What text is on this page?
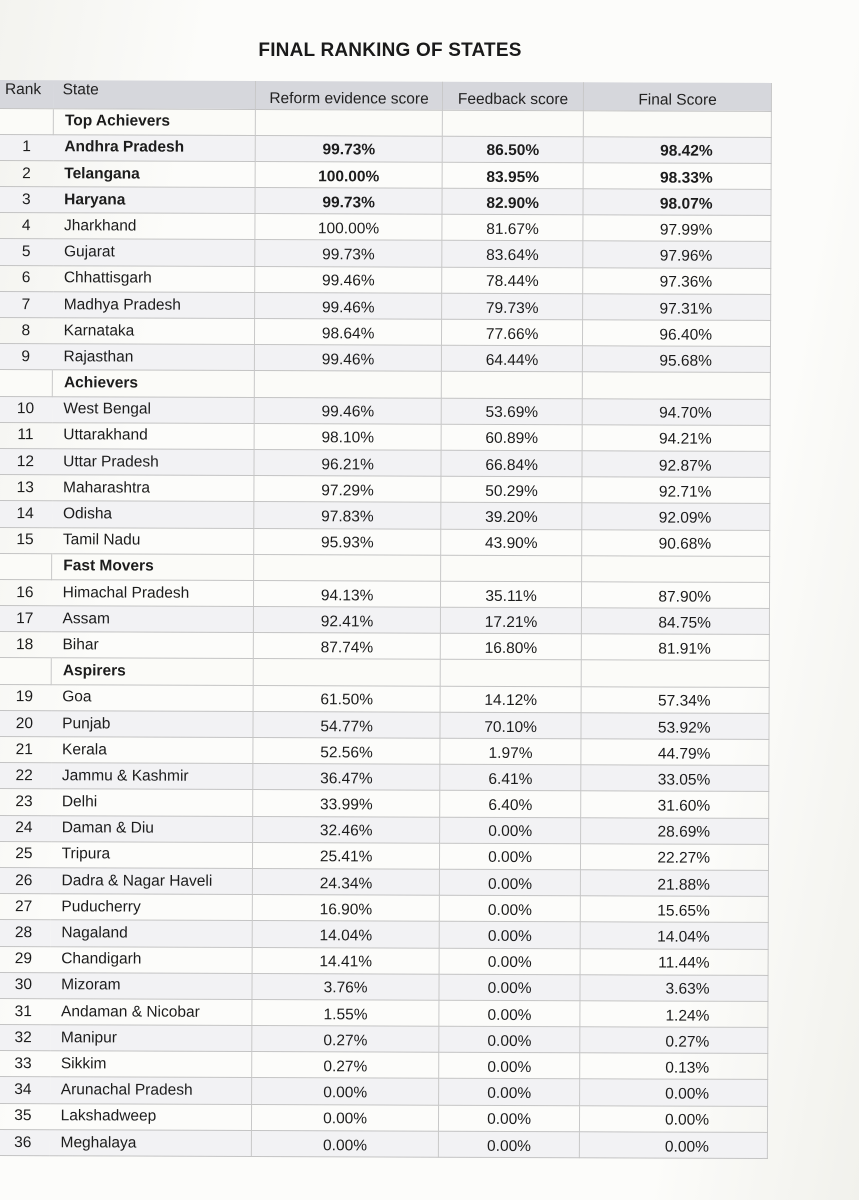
FINAL RANKING OF STATES
Rank	State	Reform evidence score	Feedback score	Final Score
	Top Achievers			
1	Andhra Pradesh	99.73%	86.50%	98.42%
2	Telangana	100.00%	83.95%	98.33%
3	Haryana	99.73%	82.90%	98.07%
4	Jharkhand	100.00%	81.67%	97.99%
5	Gujarat	99.73%	83.64%	97.96%
6	Chhattisgarh	99.46%	78.44%	97.36%
7	Madhya Pradesh	99.46%	79.73%	97.31%
8	Karnataka	98.64%	77.66%	96.40%
9	Rajasthan	99.46%	64.44%	95.68%
	Achievers			
10	West Bengal	99.46%	53.69%	94.70%
11	Uttarakhand	98.10%	60.89%	94.21%
12	Uttar Pradesh	96.21%	66.84%	92.87%
13	Maharashtra	97.29%	50.29%	92.71%
14	Odisha	97.83%	39.20%	92.09%
15	Tamil Nadu	95.93%	43.90%	90.68%
	Fast Movers			
16	Himachal Pradesh	94.13%	35.11%	87.90%
17	Assam	92.41%	17.21%	84.75%
18	Bihar	87.74%	16.80%	81.91%
	Aspirers			
19	Goa	61.50%	14.12%	57.34%
20	Punjab	54.77%	70.10%	53.92%
21	Kerala	52.56%	1.97%	44.79%
22	Jammu & Kashmir	36.47%	6.41%	33.05%
23	Delhi	33.99%	6.40%	31.60%
24	Daman & Diu	32.46%	0.00%	28.69%
25	Tripura	25.41%	0.00%	22.27%
26	Dadra & Nagar Haveli	24.34%	0.00%	21.88%
27	Puducherry	16.90%	0.00%	15.65%
28	Nagaland	14.04%	0.00%	14.04%
29	Chandigarh	14.41%	0.00%	11.44%
30	Mizoram	3.76%	0.00%	3.63%
31	Andaman & Nicobar	1.55%	0.00%	1.24%
32	Manipur	0.27%	0.00%	0.27%
33	Sikkim	0.27%	0.00%	0.13%
34	Arunachal Pradesh	0.00%	0.00%	0.00%
35	Lakshadweep	0.00%	0.00%	0.00%
36	Meghalaya	0.00%	0.00%	0.00%
